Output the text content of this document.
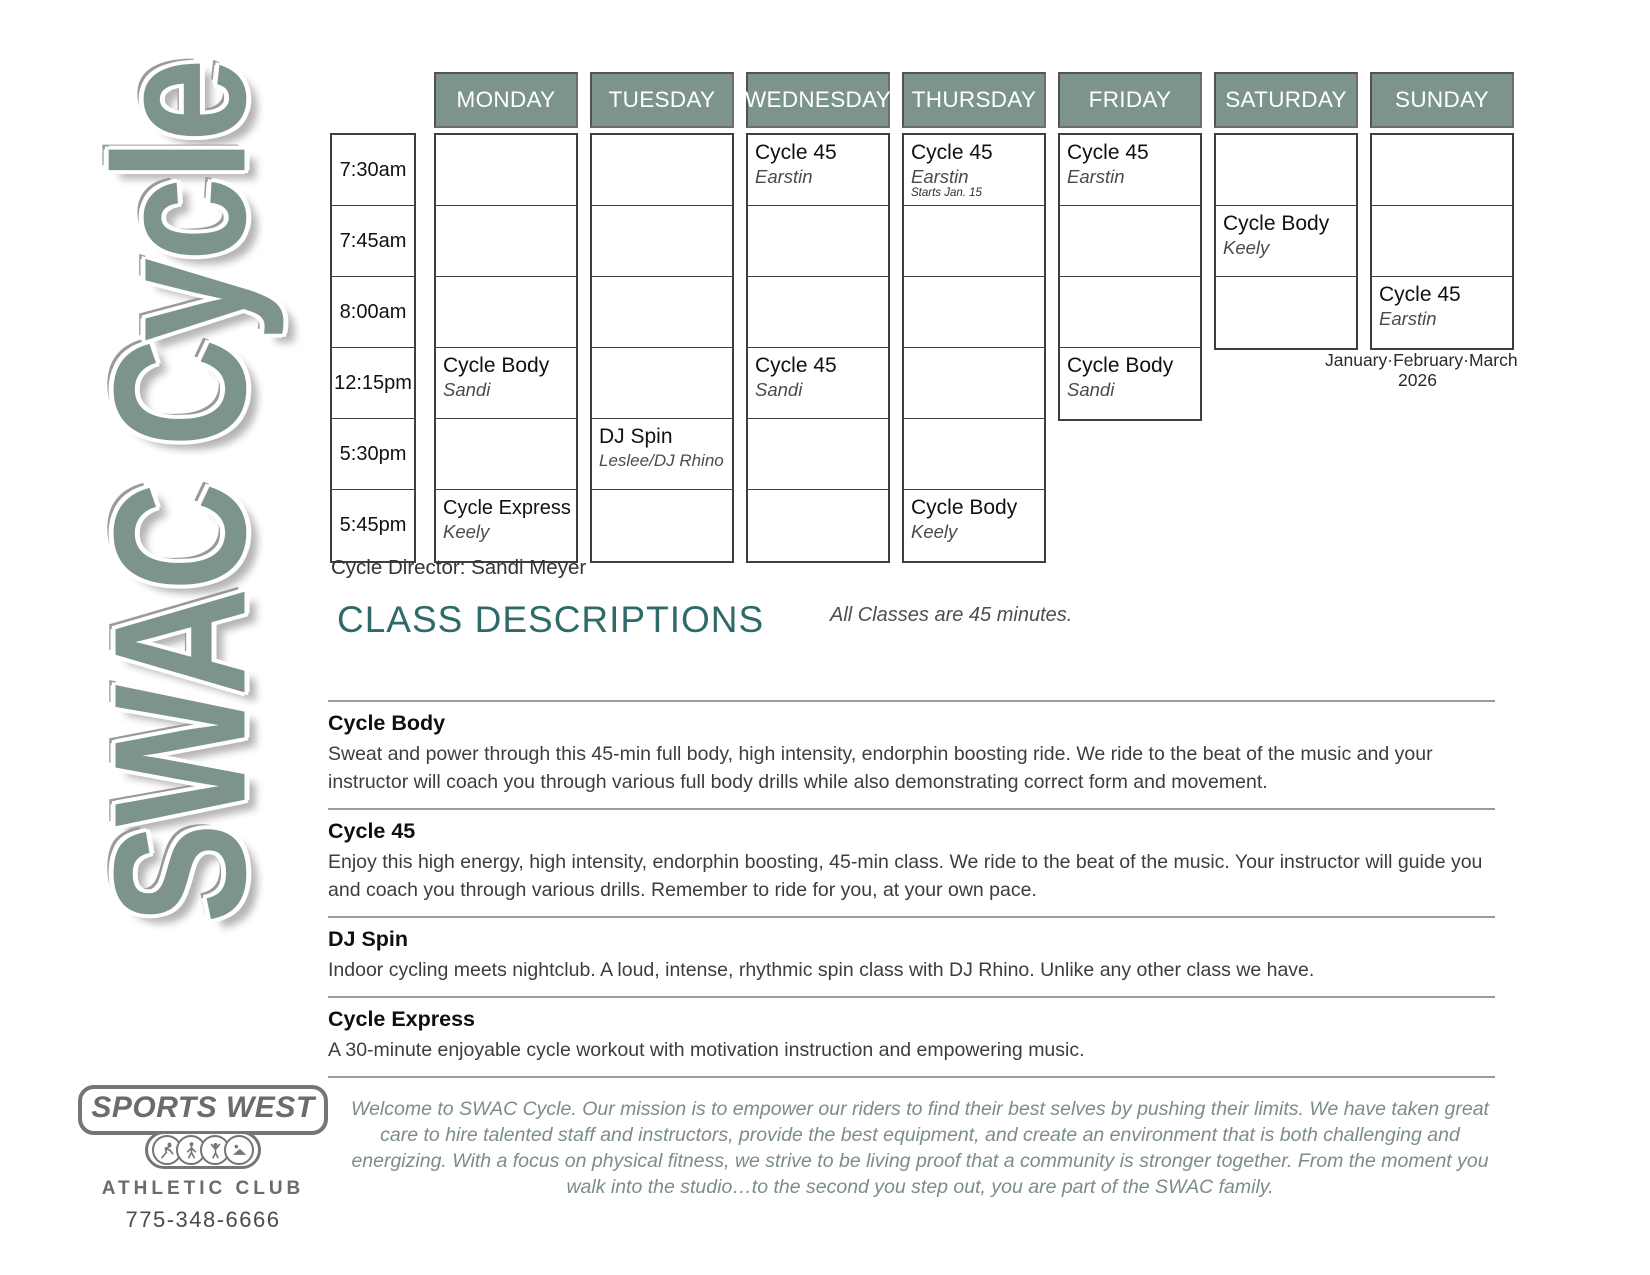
SWAC Cycle	7:30am
7:45am
8:00am
12:15pm
5:30pm
5:45pm
MONDAY
Cycle Body
Sandi
Cycle Express
Keely
TUESDAY
DJ Spin
Leslee/DJ Rhino
WEDNESDAY
Cycle 45
Earstin
Cycle 45
Sandi
THURSDAY
Cycle 45
Earstin
Starts Jan. 15
Cycle Body
Keely
FRIDAY
Cycle 45
Earstin
Cycle Body
Sandi
SATURDAY
Cycle Body
Keely
SUNDAY
Cycle 45
Earstin
January·February·March
2026
Cycle Director: Sandi Meyer
CLASS DESCRIPTIONS	All Classes are 45 minutes.
Cycle Body

Sweat and power through this 45-min full body, high intensity, endorphin boosting ride. We ride to the beat of the music and your instructor will coach you through various full body drills while also demonstrating correct form and movement.

Cycle 45

Enjoy this high energy, high intensity, endorphin boosting, 45-min class. We ride to the beat of the music. Your instructor will guide you and coach you through various drills. Remember to ride for you, at your own pace.

DJ Spin

Indoor cycling meets nightclub. A loud, intense, rhythmic spin class with DJ Rhino. Unlike any other class we have.

Cycle Express

A 30-minute enjoyable cycle workout with motivation instruction and empowering music.

SPORTS WEST
ATHLETIC CLUB
775-348-6666
Welcome to SWAC Cycle. Our mission is to empower our riders to find their best selves by pushing their limits. We have taken great care to hire talented staff and instructors, provide the best equipment, and create an environment that is both challenging and energizing. With a focus on physical fitness, we strive to be living proof that a community is stronger together. From the moment you walk into the studio…to the second you step out, you are part of the SWAC family.
